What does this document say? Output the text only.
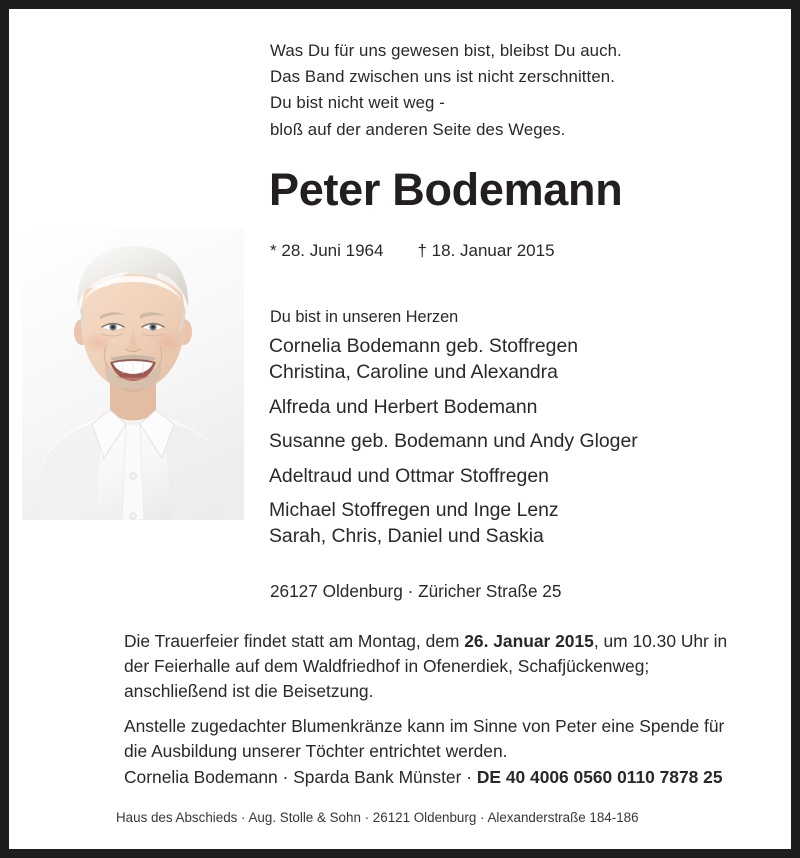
Was Du für uns gewesen bist, bleibst Du auch.
Das Band zwischen uns ist nicht zerschnitten.
Du bist nicht weit weg -
bloß auf der anderen Seite des Weges.
Peter Bodemann
* 28. Juni 1964 † 18. Januar 2015
Du bist in unseren Herzen
Cornelia Bodemann geb. Stoffregen
Christina, Caroline und Alexandra
Alfreda und Herbert Bodemann
Susanne geb. Bodemann und Andy Gloger
Adeltraud und Ottmar Stoffregen
Michael Stoffregen und Inge Lenz
Sarah, Chris, Daniel und Saskia
26127 Oldenburg · Züricher Straße 25
Die Trauerfeier findet statt am Montag, dem 26. Januar 2015, um 10.30 Uhr in der Feierhalle auf dem Waldfriedhof in Ofenerdiek, Schafjückenweg; anschließend ist die Beisetzung.
Anstelle zugedachter Blumenkränze kann im Sinne von Peter eine Spende für die Ausbildung unserer Töchter entrichtet werden.
Cornelia Bodemann · Sparda Bank Münster · DE 40 4006 0560 0110 7878 25
Haus des Abschieds · Aug. Stolle & Sohn · 26121 Oldenburg · Alexanderstraße 184-186
